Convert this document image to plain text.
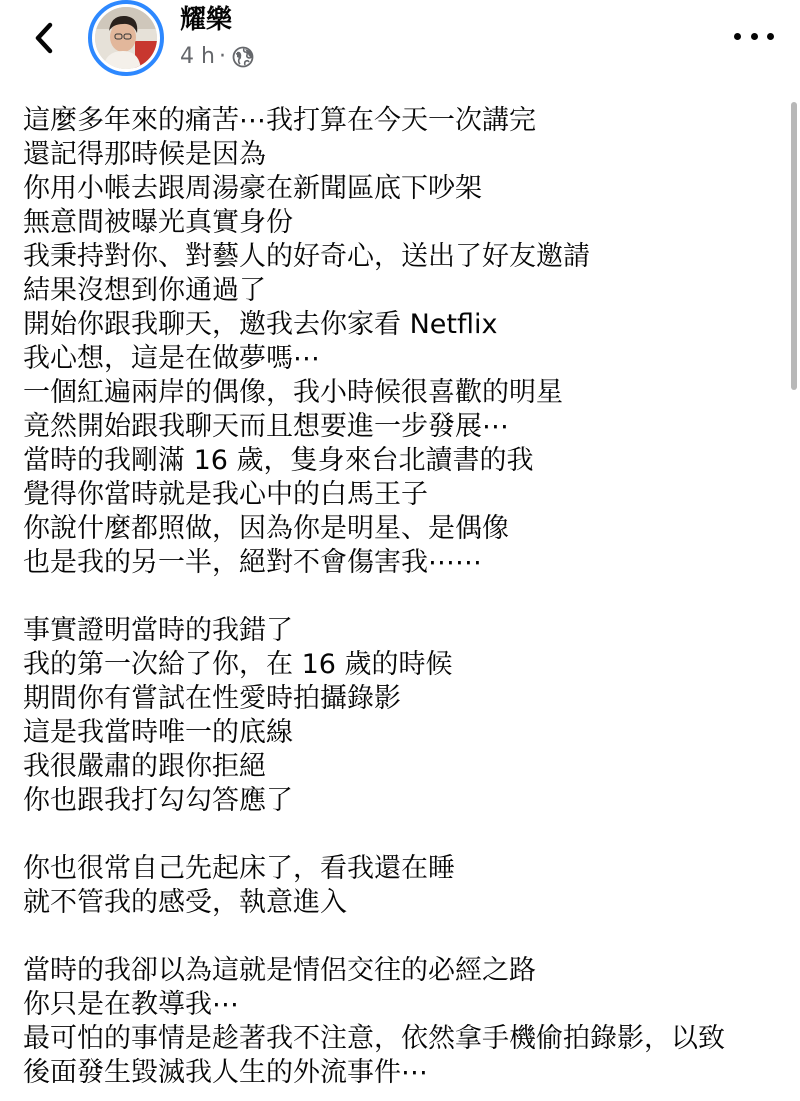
耀樂
4 h ·
這麼多年來的痛苦⋯我打算在今天一次講完
還記得那時候是因為
你用小帳去跟周湯豪在新聞區底下吵架
無意間被曝光真實身份
我秉持對你、對藝人的好奇心，送出了好友邀請
結果沒想到你通過了
開始你跟我聊天，邀我去你家看 Netflix
我心想，這是在做夢嗎⋯
一個紅遍兩岸的偶像，我小時候很喜歡的明星
竟然開始跟我聊天而且想要進一步發展⋯
當時的我剛滿 16 歲，隻身來台北讀書的我
覺得你當時就是我心中的白馬王子
你說什麼都照做，因為你是明星、是偶像
也是我的另一半，絕對不會傷害我⋯⋯
事實證明當時的我錯了
我的第一次給了你，在 16 歲的時候
期間你有嘗試在性愛時拍攝錄影
這是我當時唯一的底線
我很嚴肅的跟你拒絕
你也跟我打勾勾答應了
你也很常自己先起床了，看我還在睡
就不管我的感受，執意進入
當時的我卻以為這就是情侶交往的必經之路
你只是在教導我⋯
最可怕的事情是趁著我不注意，依然拿手機偷拍錄影，以致
後面發生毀滅我人生的外流事件⋯
